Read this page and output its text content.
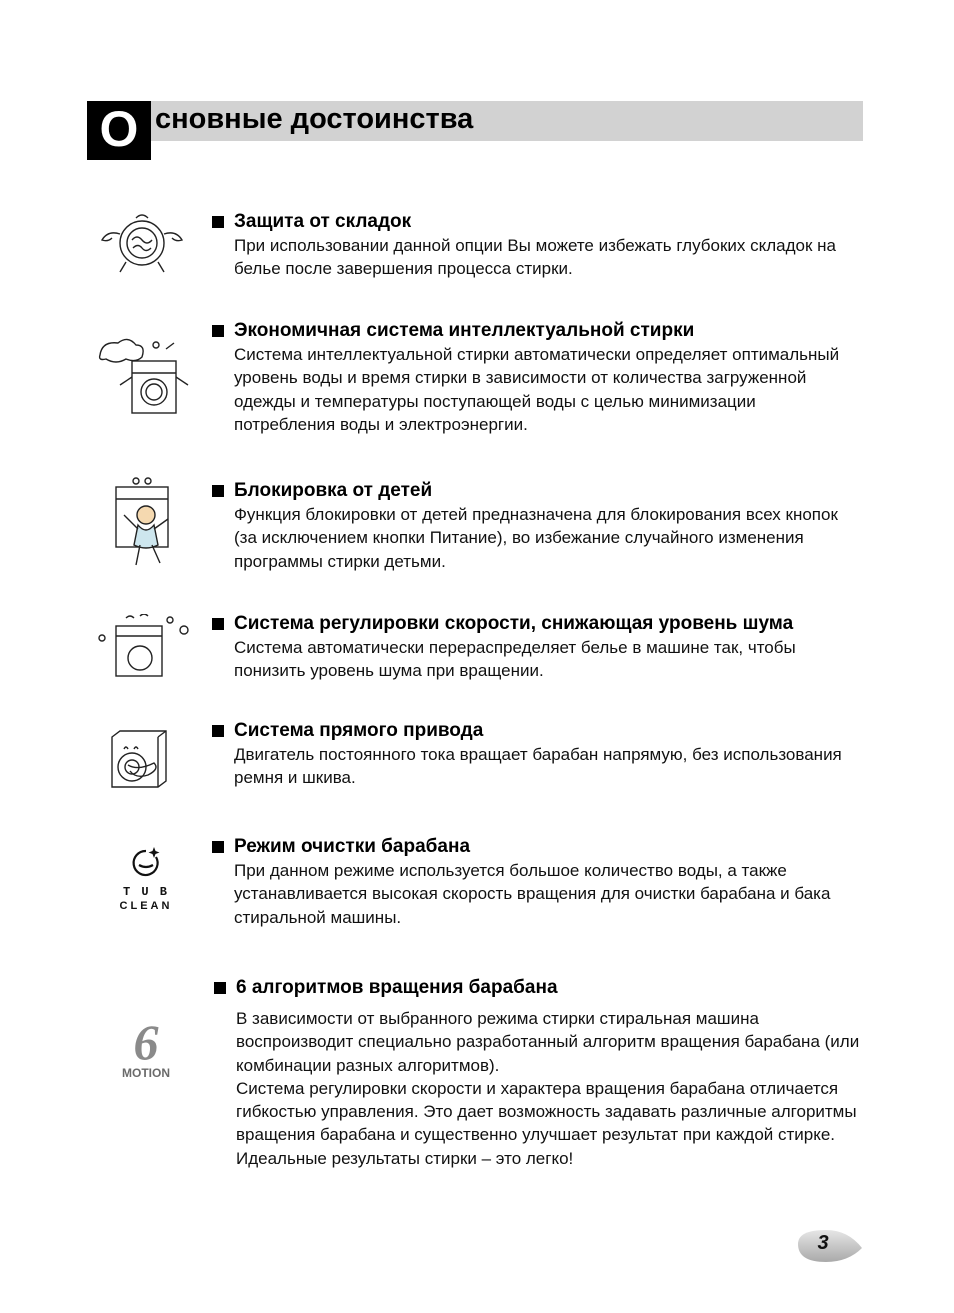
О сновные достоинства
Защита от складок

При использовании данной опции Вы можете избежать глубоких складок на белье после завершения процесса стирки.

Экономичная система интеллектуальной стирки

Система интеллектуальной стирки автоматически определяет оптимальный уровень воды и время стирки в зависимости от количества загруженной одежды и температуры поступающей воды с целью минимизации потребления воды и электроэнергии.

Блокировка от детей

Функция блокировки от детей предназначена для блокирования всех кнопок (за исключением кнопки Питание), во избежание случайного изменения программы стирки детьми.

Система регулировки скорости, снижающая уровень шума

Система автоматически перераспределяет белье в машине так, чтобы понизить уровень шума при вращении.

Система прямого привода

Двигатель постоянного тока вращает барабан напрямую, без использования ремня и шкива.

T U B
CLEAN
Режим очистки барабана

При данном режиме используется большое количество воды, а также устанавливается высокая скорость вращения для очистки барабана и бака стиральной машины.

6
MOTION
6 алгоритмов вращения барабана

В зависимости от выбранного режима стирки стиральная машина воспроизводит специально разработанный алгоритм вращения барабана (или комбинации разных алгоритмов).

Система регулировки скорости и характера вращения барабана отличается гибкостью управления. Это дает возможность задавать различные алгоритмы вращения барабана и существенно улучшает результат при каждой стирке. Идеальные результаты стирки – это легко!

3
